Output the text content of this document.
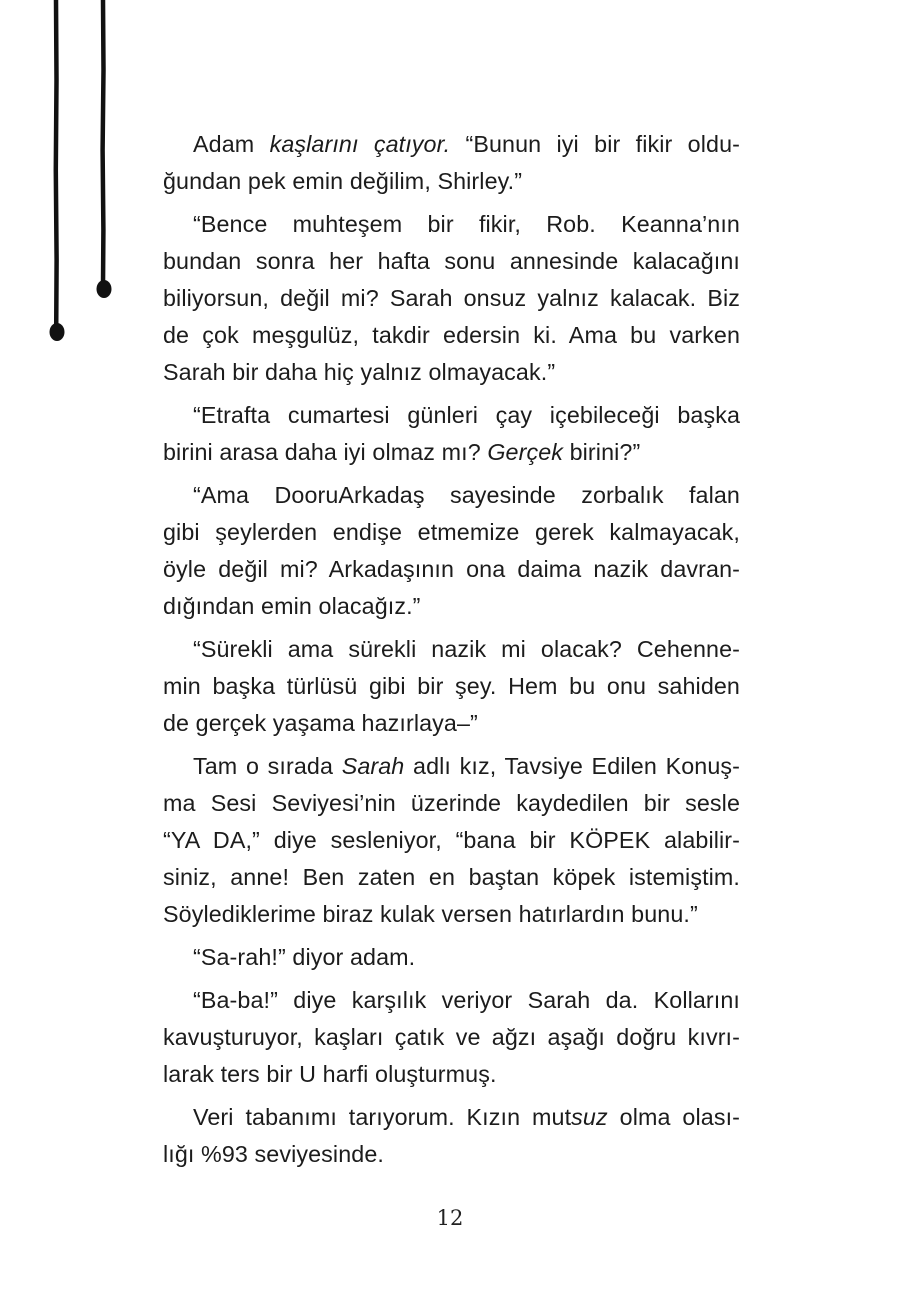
Adam kaşlarını çatıyor. “Bunun iyi bir fikir oldu-
ğundan pek emin değilim, Shirley.”
“Bence muhteşem bir fikir, Rob. Keanna’nın
bundan sonra her hafta sonu annesinde kalacağını
biliyorsun, değil mi? Sarah onsuz yalnız kalacak. Biz
de çok meşgulüz, takdir edersin ki. Ama bu varken
Sarah bir daha hiç yalnız olmayacak.”
“Etrafta cumartesi günleri çay içebileceği başka
birini arasa daha iyi olmaz mı? Gerçek birini?”
“Ama DooruArkadaş sayesinde zorbalık falan
gibi şeylerden endişe etmemize gerek kalmayacak,
öyle değil mi? Arkadaşının ona daima nazik davran-
dığından emin olacağız.”
“Sürekli ama sürekli nazik mi olacak? Cehenne-
min başka türlüsü gibi bir şey. Hem bu onu sahiden
de gerçek yaşama hazırlaya–”
Tam o sırada Sarah adlı kız, Tavsiye Edilen Konuş-
ma Sesi Seviyesi’nin üzerinde kaydedilen bir sesle
“YA DA,” diye sesleniyor, “bana bir KÖPEK alabilir-
siniz, anne! Ben zaten en baştan köpek istemiştim.
Söylediklerime biraz kulak versen hatırlardın bunu.”
“Sa-rah!” diyor adam.
“Ba-ba!” diye karşılık veriyor Sarah da. Kollarını
kavuşturuyor, kaşları çatık ve ağzı aşağı doğru kıvrı-
larak ters bir U harfi oluşturmuş.
Veri tabanımı tarıyorum. Kızın mutsuz olma olası-
lığı %93 seviyesinde.
12
